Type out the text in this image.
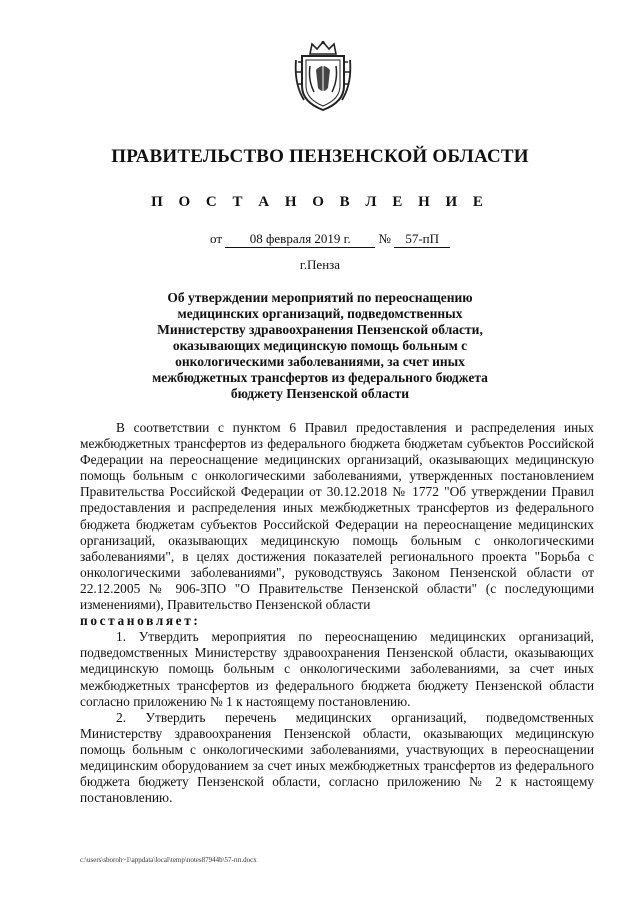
ПРАВИТЕЛЬСТВО ПЕНЗЕНСКОЙ ОБЛАСТИ
П О С Т А Н О В Л Е Н И Е
от 08 февраля 2019 г. № 57-пП
г.Пенза
Об утверждении мероприятий по переоснащению медицинских организаций, подведомственных Министерству здравоохранения Пензенской области, оказывающих медицинскую помощь больным с онкологическими заболеваниями, за счет иных межбюджетных трансфертов из федерального бюджета бюджету Пензенской области

В соответствии с пунктом 6 Правил предоставления и распределения иных межбюджетных трансфертов из федерального бюджета бюджетам субъектов Российской Федерации на переоснащение медицинских организаций, оказывающих медицинскую помощь больным с онкологическими заболеваниями, утвержденных постановлением Правительства Российской Федерации от 30.12.2018 № 1772 "Об утверждении Правил предоставления и распределения иных межбюджетных трансфертов из федерального бюджета бюджетам субъектов Российской Федерации на переоснащение медицинских организаций, оказывающих медицинскую помощь больным с онкологическими заболеваниями", в целях достижения показателей регионального проекта "Борьба с онкологическими заболеваниями", руководствуясь Законом Пензенской области от 22.12.2005 № 906-ЗПО "О Правительстве Пензенской области" (с последующими изменениями), Правительство Пензенской области

постановляет:

1. Утвердить мероприятия по переоснащению медицинских организаций, подведомственных Министерству здравоохранения Пензенской области, оказывающих медицинскую помощь больным с онкологическими заболеваниями, за счет иных межбюджетных трансфертов из федерального бюджета бюджету Пензенской области согласно приложению № 1 к настоящему постановлению.

2. Утвердить перечень медицинских организаций, подведомственных Министерству здравоохранения Пензенской области, оказывающих медицинскую помощь больным с онкологическими заболеваниями, участвующих в переоснащении медицинским оборудованием за счет иных межбюджетных трансфертов из федерального бюджета бюджету Пензенской области, согласно приложению № 2 к настоящему постановлению.

c:\users\sboroh~1\appdata\local\temp\notes87944b\57-пп.docx
